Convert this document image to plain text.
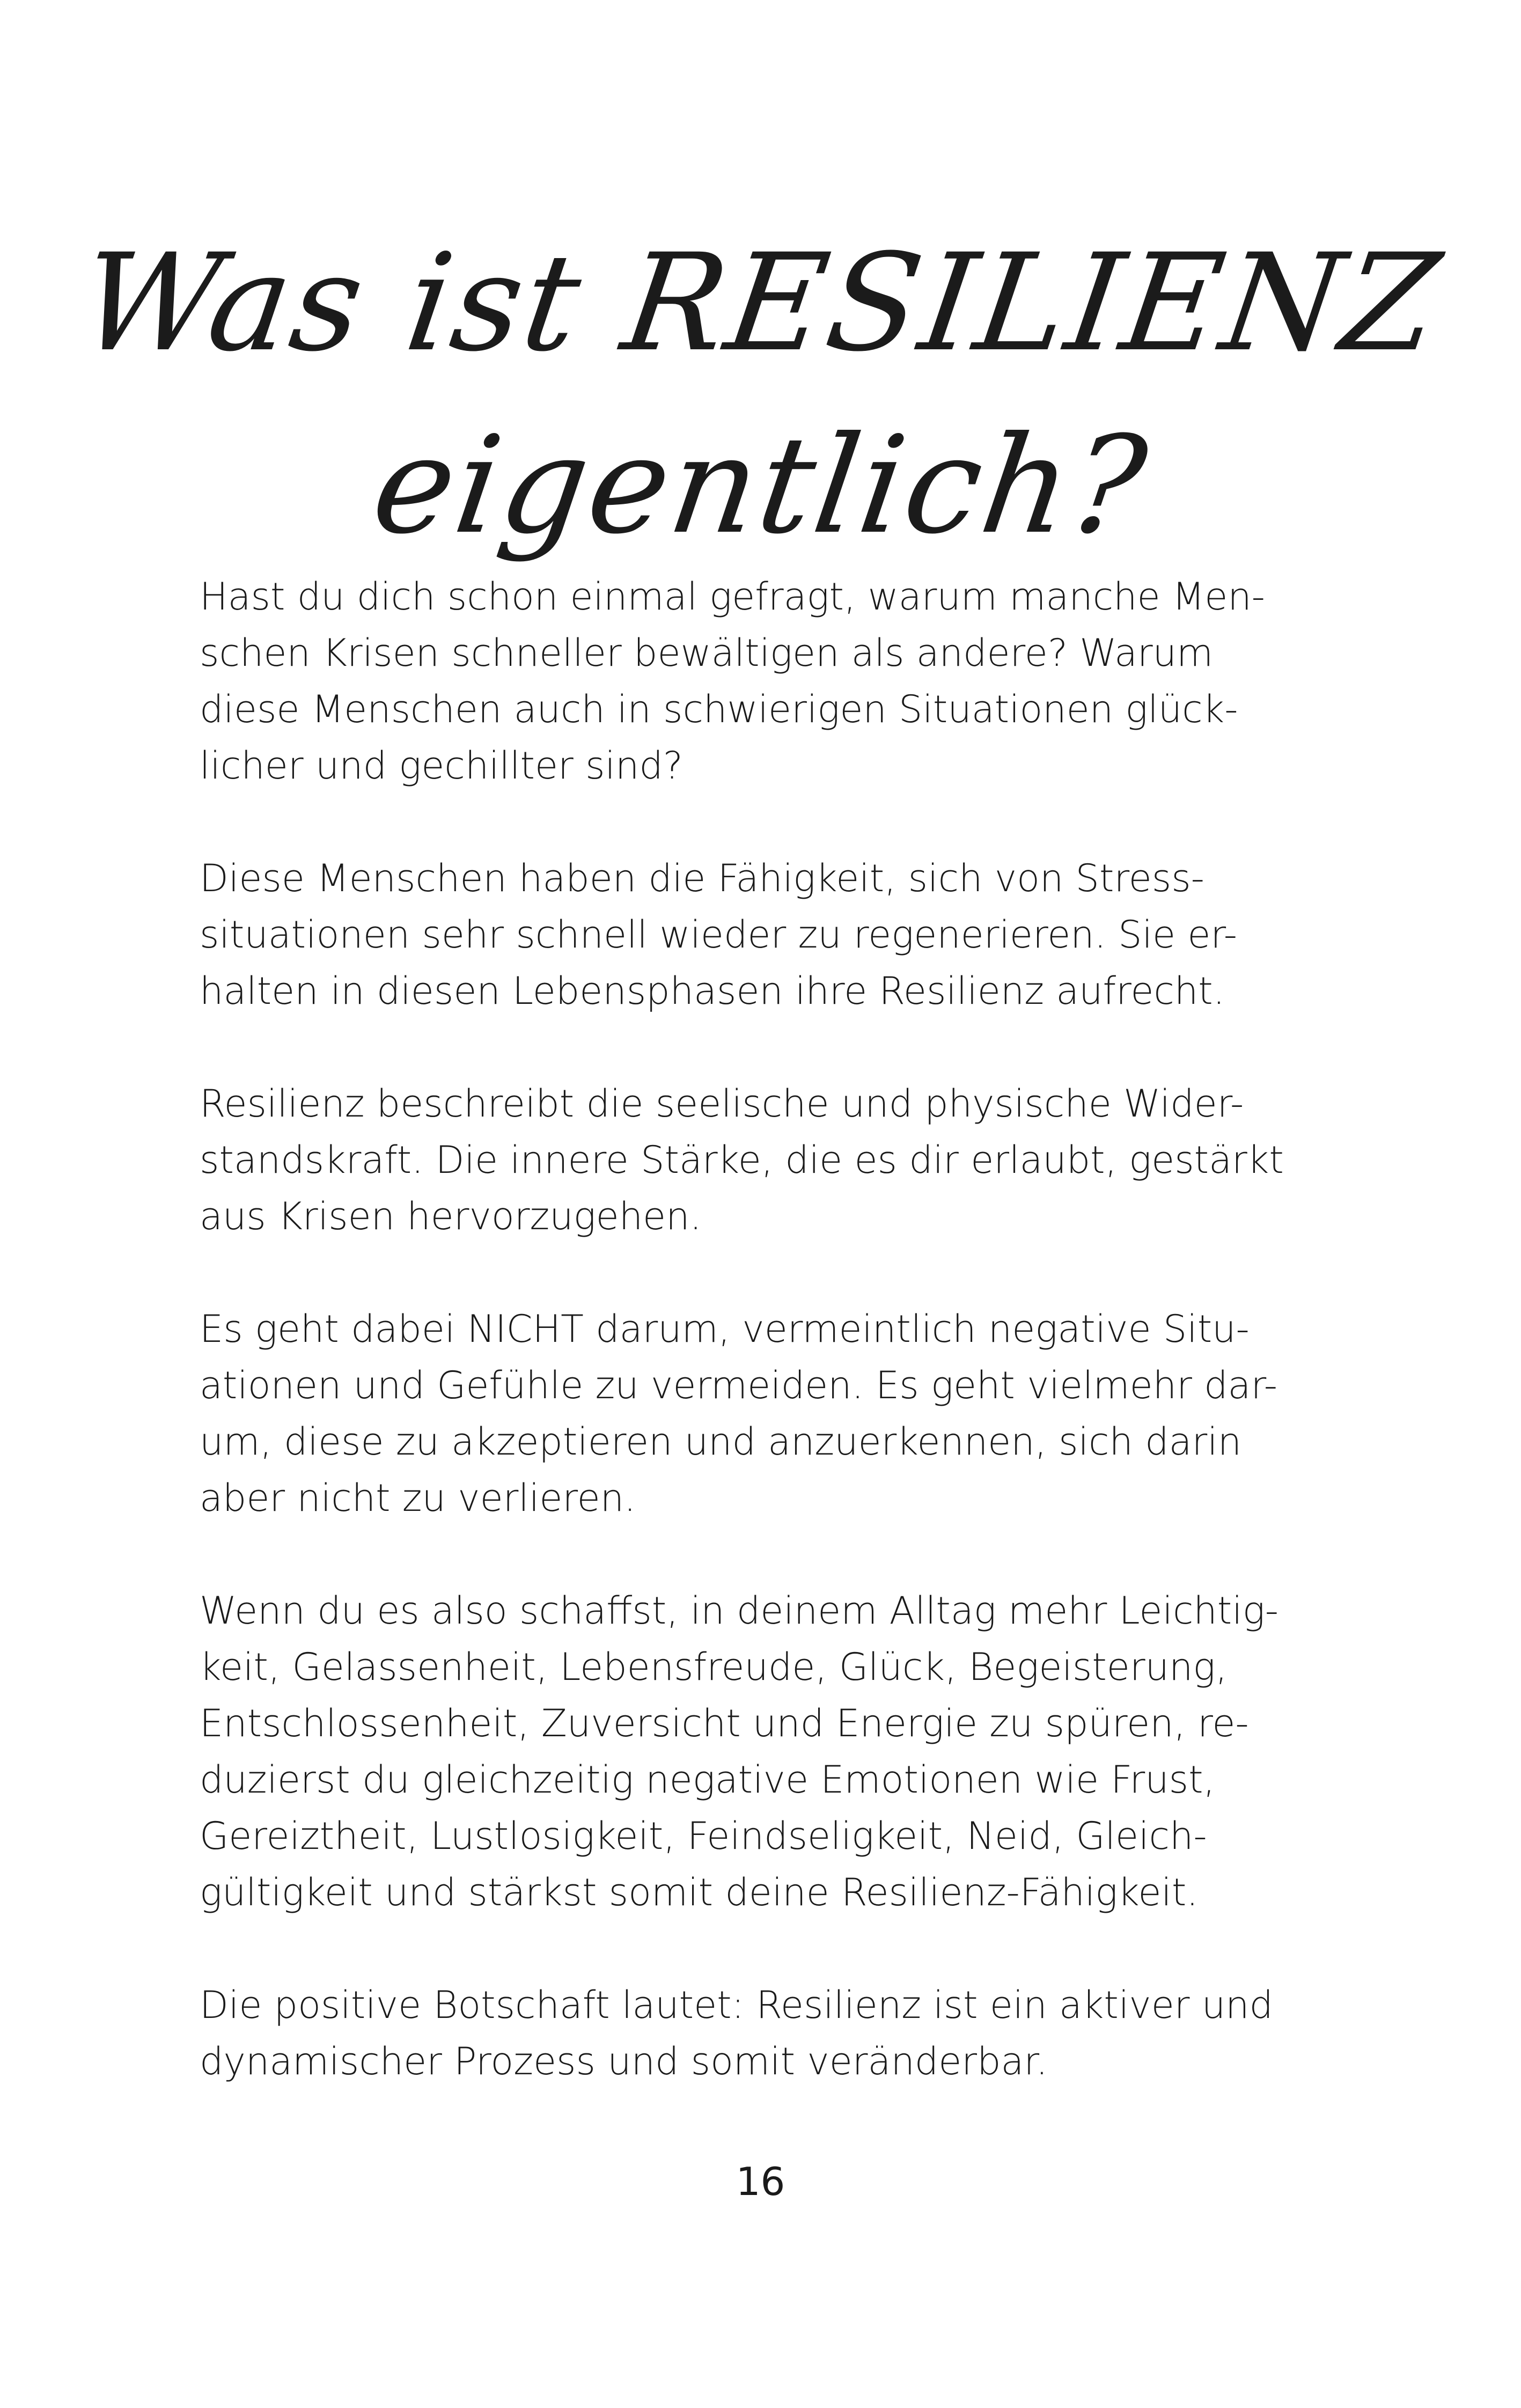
Was ist RESILIENZ
eigentlich?

Hast du dich schon einmal gefragt, warum manche Men-
schen Krisen schneller bewältigen als andere? Warum
diese Menschen auch in schwierigen Situationen glück-
licher und gechillter sind?

Diese Menschen haben die Fähigkeit, sich von Stress-
situationen sehr schnell wieder zu regenerieren. Sie er-
halten in diesen Lebensphasen ihre Resilienz aufrecht.

Resilienz beschreibt die seelische und physische Wider-
standskraft. Die innere Stärke, die es dir erlaubt, gestärkt
aus Krisen hervorzugehen.

Es geht dabei NICHT darum, vermeintlich negative Situ-
ationen und Gefühle zu vermeiden. Es geht vielmehr dar-
um, diese zu akzeptieren und anzuerkennen, sich darin
aber nicht zu verlieren.

Wenn du es also schaffst, in deinem Alltag mehr Leichtig-
keit, Gelassenheit, Lebensfreude, Glück, Begeisterung,
Entschlossenheit, Zuversicht und Energie zu spüren, re-
duzierst du gleichzeitig negative Emotionen wie Frust,
Gereiztheit, Lustlosigkeit, Feindseligkeit, Neid, Gleich-
gültigkeit und stärkst somit deine Resilienz-Fähigkeit.

Die positive Botschaft lautet: Resilienz ist ein aktiver und
dynamischer Prozess und somit veränderbar.

16
